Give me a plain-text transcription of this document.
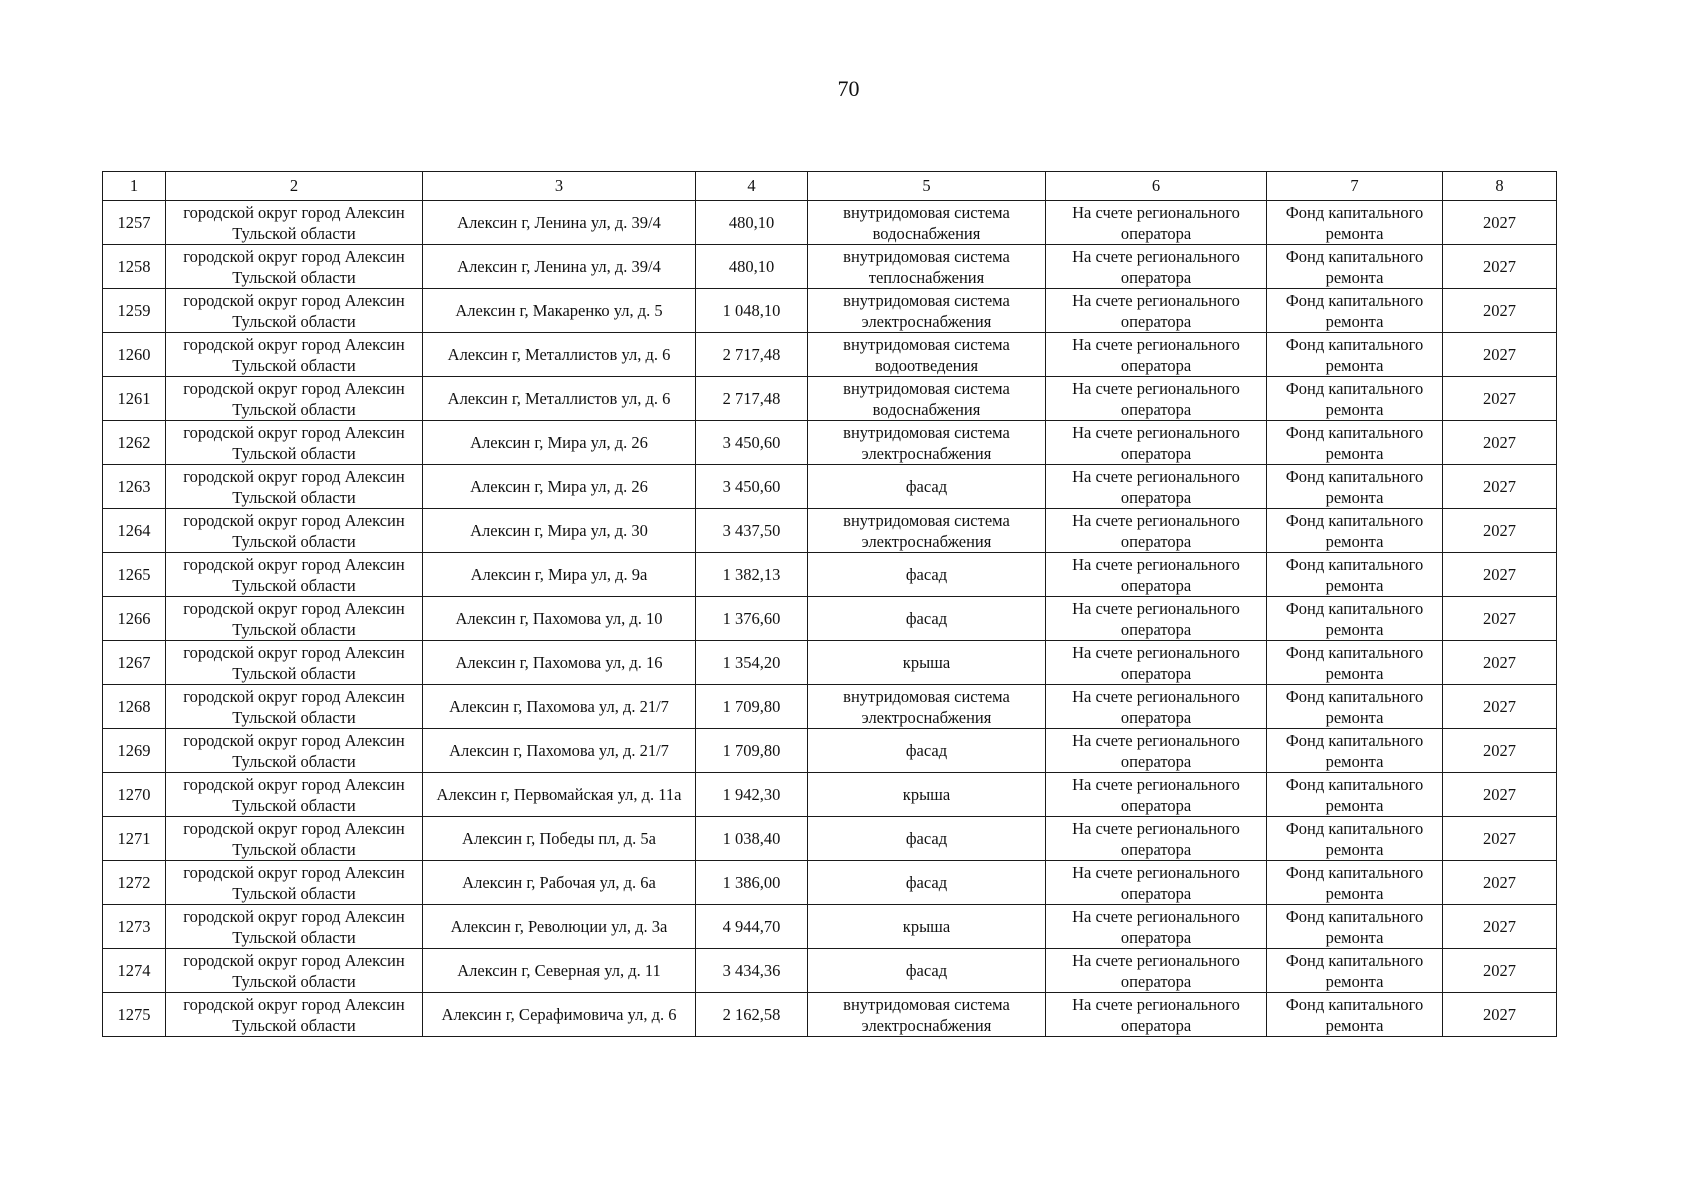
70
1	2	3	4	5	6	7	8
1257	городской округ город Алексин Тульской области	Алексин г, Ленина ул, д. 39/4	480,10	внутридомовая система водоснабжения	На счете регионального оператора	Фонд капитального ремонта	2027
1258	городской округ город Алексин Тульской области	Алексин г, Ленина ул, д. 39/4	480,10	внутридомовая система теплоснабжения	На счете регионального оператора	Фонд капитального ремонта	2027
1259	городской округ город Алексин Тульской области	Алексин г, Макаренко ул, д. 5	1 048,10	внутридомовая система электроснабжения	На счете регионального оператора	Фонд капитального ремонта	2027
1260	городской округ город Алексин Тульской области	Алексин г, Металлистов ул, д. 6	2 717,48	внутридомовая система водоотведения	На счете регионального оператора	Фонд капитального ремонта	2027
1261	городской округ город Алексин Тульской области	Алексин г, Металлистов ул, д. 6	2 717,48	внутридомовая система водоснабжения	На счете регионального оператора	Фонд капитального ремонта	2027
1262	городской округ город Алексин Тульской области	Алексин г, Мира ул, д. 26	3 450,60	внутридомовая система электроснабжения	На счете регионального оператора	Фонд капитального ремонта	2027
1263	городской округ город Алексин Тульской области	Алексин г, Мира ул, д. 26	3 450,60	фасад	На счете регионального оператора	Фонд капитального ремонта	2027
1264	городской округ город Алексин Тульской области	Алексин г, Мира ул, д. 30	3 437,50	внутридомовая система электроснабжения	На счете регионального оператора	Фонд капитального ремонта	2027
1265	городской округ город Алексин Тульской области	Алексин г, Мира ул, д. 9а	1 382,13	фасад	На счете регионального оператора	Фонд капитального ремонта	2027
1266	городской округ город Алексин Тульской области	Алексин г, Пахомова ул, д. 10	1 376,60	фасад	На счете регионального оператора	Фонд капитального ремонта	2027
1267	городской округ город Алексин Тульской области	Алексин г, Пахомова ул, д. 16	1 354,20	крыша	На счете регионального оператора	Фонд капитального ремонта	2027
1268	городской округ город Алексин Тульской области	Алексин г, Пахомова ул, д. 21/7	1 709,80	внутридомовая система электроснабжения	На счете регионального оператора	Фонд капитального ремонта	2027
1269	городской округ город Алексин Тульской области	Алексин г, Пахомова ул, д. 21/7	1 709,80	фасад	На счете регионального оператора	Фонд капитального ремонта	2027
1270	городской округ город Алексин Тульской области	Алексин г, Первомайская ул, д. 11а	1 942,30	крыша	На счете регионального оператора	Фонд капитального ремонта	2027
1271	городской округ город Алексин Тульской области	Алексин г, Победы пл, д. 5а	1 038,40	фасад	На счете регионального оператора	Фонд капитального ремонта	2027
1272	городской округ город Алексин Тульской области	Алексин г, Рабочая ул, д. 6а	1 386,00	фасад	На счете регионального оператора	Фонд капитального ремонта	2027
1273	городской округ город Алексин Тульской области	Алексин г, Революции ул, д. 3а	4 944,70	крыша	На счете регионального оператора	Фонд капитального ремонта	2027
1274	городской округ город Алексин Тульской области	Алексин г, Северная ул, д. 11	3 434,36	фасад	На счете регионального оператора	Фонд капитального ремонта	2027
1275	городской округ город Алексин Тульской области	Алексин г, Серафимовича ул, д. 6	2 162,58	внутридомовая система электроснабжения	На счете регионального оператора	Фонд капитального ремонта	2027
